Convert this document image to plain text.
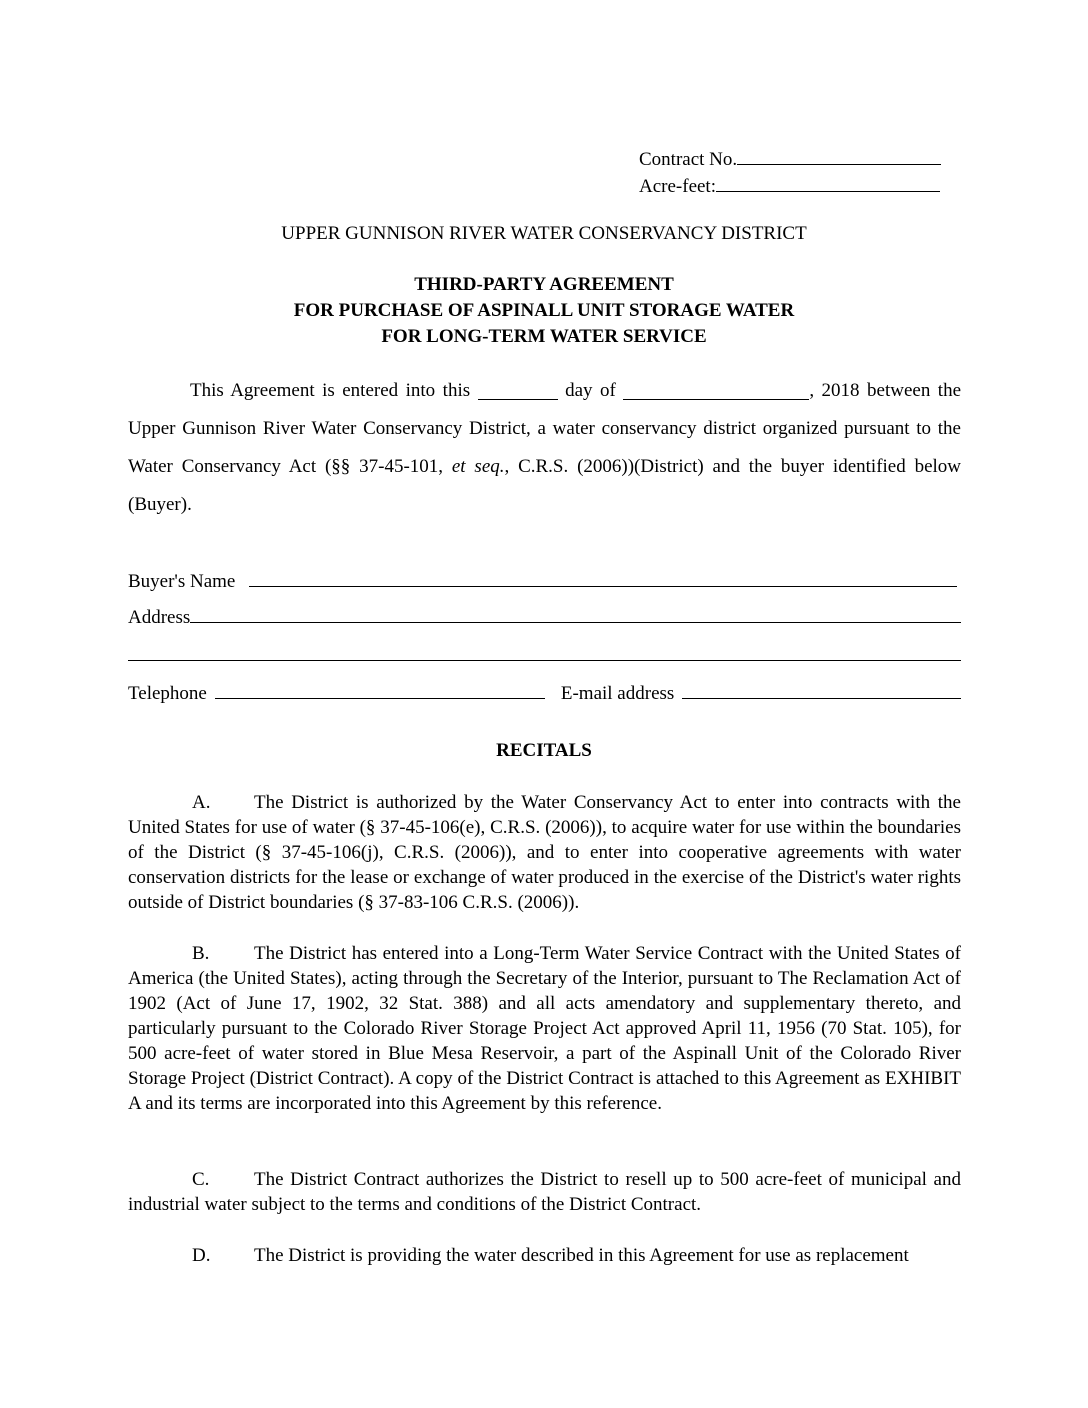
Contract No.
Acre-feet:
UPPER GUNNISON RIVER WATER CONSERVANCY DISTRICT
THIRD-PARTY AGREEMENT
FOR PURCHASE OF ASPINALL UNIT STORAGE WATER
FOR LONG-TERM WATER SERVICE
This Agreement is entered into this	day of	, 2018 between the Upper Gunnison River Water Conservancy District, a water conservancy district organized pursuant to the Water Conservancy Act (§§ 37-45-101, et seq., C.R.S. (2006))(District) and the buyer identified below (Buyer).
Buyer's Name
Address
Telephone	E-mail address
RECITALS
A. The District is authorized by the Water Conservancy Act to enter into contracts with the United States for use of water (§ 37-45-106(e), C.R.S. (2006)), to acquire water for use within the boundaries of the District (§ 37-45-106(j), C.R.S. (2006)), and to enter into cooperative agreements with water conservation districts for the lease or exchange of water produced in the exercise of the District's water rights outside of District boundaries (§ 37-83-106 C.R.S. (2006)).
B. The District has entered into a Long-Term Water Service Contract with the United States of America (the United States), acting through the Secretary of the Interior, pursuant to The Reclamation Act of 1902 (Act of June 17, 1902, 32 Stat. 388) and all acts amendatory and supplementary thereto, and particularly pursuant to the Colorado River Storage Project Act approved April 11, 1956 (70 Stat. 105), for 500 acre-feet of water stored in Blue Mesa Reservoir, a part of the Aspinall Unit of the Colorado River Storage Project (District Contract). A copy of the District Contract is attached to this Agreement as EXHIBIT A and its terms are incorporated into this Agreement by this reference.
C. The District Contract authorizes the District to resell up to 500 acre-feet of municipal and industrial water subject to the terms and conditions of the District Contract.
D. The District is providing the water described in this Agreement for use as replacement
